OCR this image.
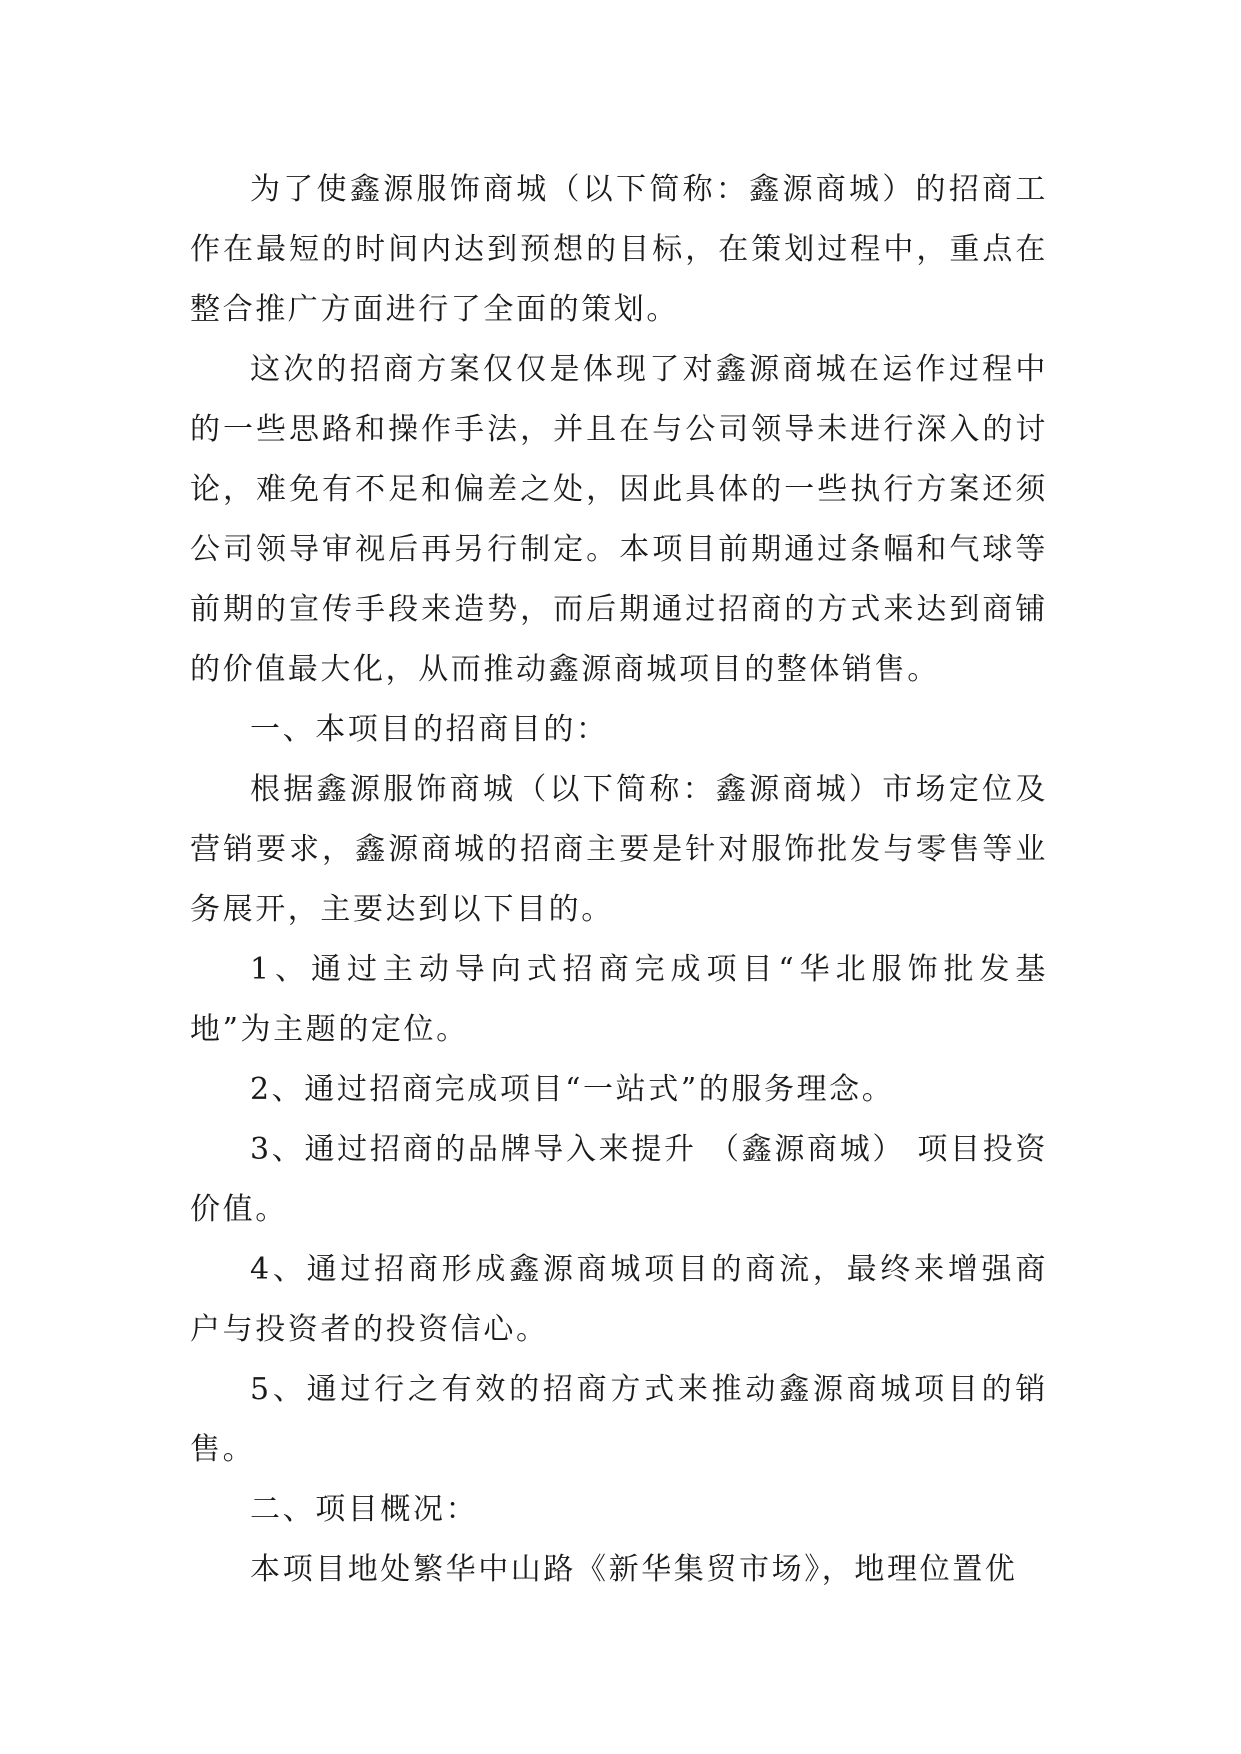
为了使鑫源服饰商城（以下简称：鑫源商城）的招商工作在最短的时间内达到预想的目标，在策划过程中，重点在整合推广方面进行了全面的策划。

这次的招商方案仅仅是体现了对鑫源商城在运作过程中的一些思路和操作手法，并且在与公司领导未进行深入的讨论，难免有不足和偏差之处，因此具体的一些执行方案还须公司领导审视后再另行制定。本项目前期通过条幅和气球等前期的宣传手段来造势，而后期通过招商的方式来达到商铺的价值最大化，从而推动鑫源商城项目的整体销售。

一、本项目的招商目的：

根据鑫源服饰商城（以下简称：鑫源商城）市场定位及营销要求，鑫源商城的招商主要是针对服饰批发与零售等业务展开，主要达到以下目的。

1、通过主动导向式招商完成项目“华北服饰批发基地”为主题的定位。

2、通过招商完成项目“一站式”的服务理念。

3、通过招商的品牌导入来提升 （鑫源商城） 项目投资价值。

4、通过招商形成鑫源商城项目的商流，最终来增强商户与投资者的投资信心。

5、通过行之有效的招商方式来推动鑫源商城项目的销售。

二、项目概况：

本项目地处繁华中山路《新华集贸市场》，地理位置优
